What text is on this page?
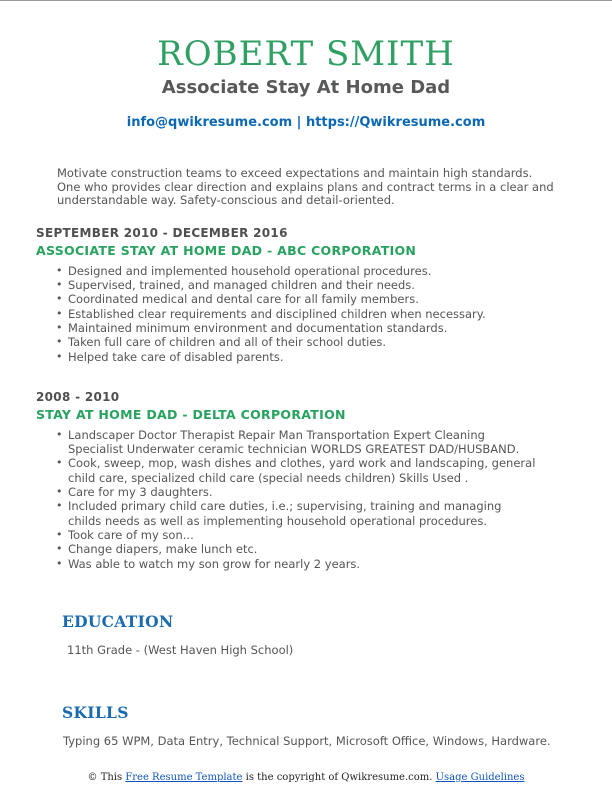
ROBERT SMITH
Associate Stay At Home Dad
info@qwikresume.com | https://Qwikresume.com
Motivate construction teams to exceed expectations and maintain high standards. One who provides clear direction and explains plans and contract terms in a clear and understandable way. Safety-conscious and detail-oriented.
SEPTEMBER 2010 - DECEMBER 2016
ASSOCIATE STAY AT HOME DAD - ABC CORPORATION
• Designed and implemented household operational procedures.
• Supervised, trained, and managed children and their needs.
• Coordinated medical and dental care for all family members.
• Established clear requirements and disciplined children when necessary.
• Maintained minimum environment and documentation standards.
• Taken full care of children and all of their school duties.
• Helped take care of disabled parents.
2008 - 2010
STAY AT HOME DAD - DELTA CORPORATION
• Landscaper Doctor Therapist Repair Man Transportation Expert Cleaning Specialist Underwater ceramic technician WORLDS GREATEST DAD/HUSBAND.
• Cook, sweep, mop, wash dishes and clothes, yard work and landscaping, general child care, specialized child care (special needs children) Skills Used .
• Care for my 3 daughters.
• Included primary child care duties, i.e.; supervising, training and managing childs needs as well as implementing household operational procedures.
• Took care of my son...
• Change diapers, make lunch etc.
• Was able to watch my son grow for nearly 2 years.
EDUCATION
11th Grade - (West Haven High School)
SKILLS
Typing 65 WPM, Data Entry, Technical Support, Microsoft Office, Windows, Hardware.
© This Free Resume Template is the copyright of Qwikresume.com. Usage Guidelines
